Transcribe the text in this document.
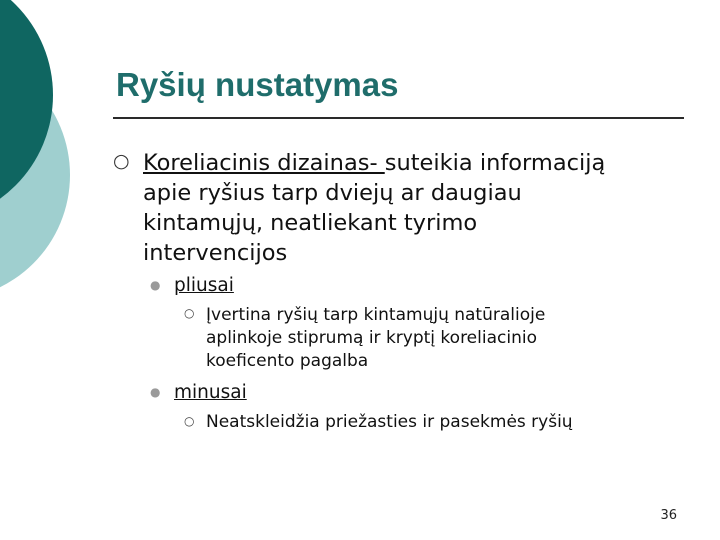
Ryšių nustatymas
○ Koreliacinis dizainas- suteikia informaciją
apie ryšius tarp dviejų ar daugiau
kintamųjų, neatliekant tyrimo
intervencijos
● pliusai
○ Įvertina ryšių tarp kintamųjų natūralioje
aplinkoje stiprumą ir kryptį koreliacinio
koeficento pagalba
● minusai
○ Neatskleidžia priežasties ir pasekmės ryšių
36
